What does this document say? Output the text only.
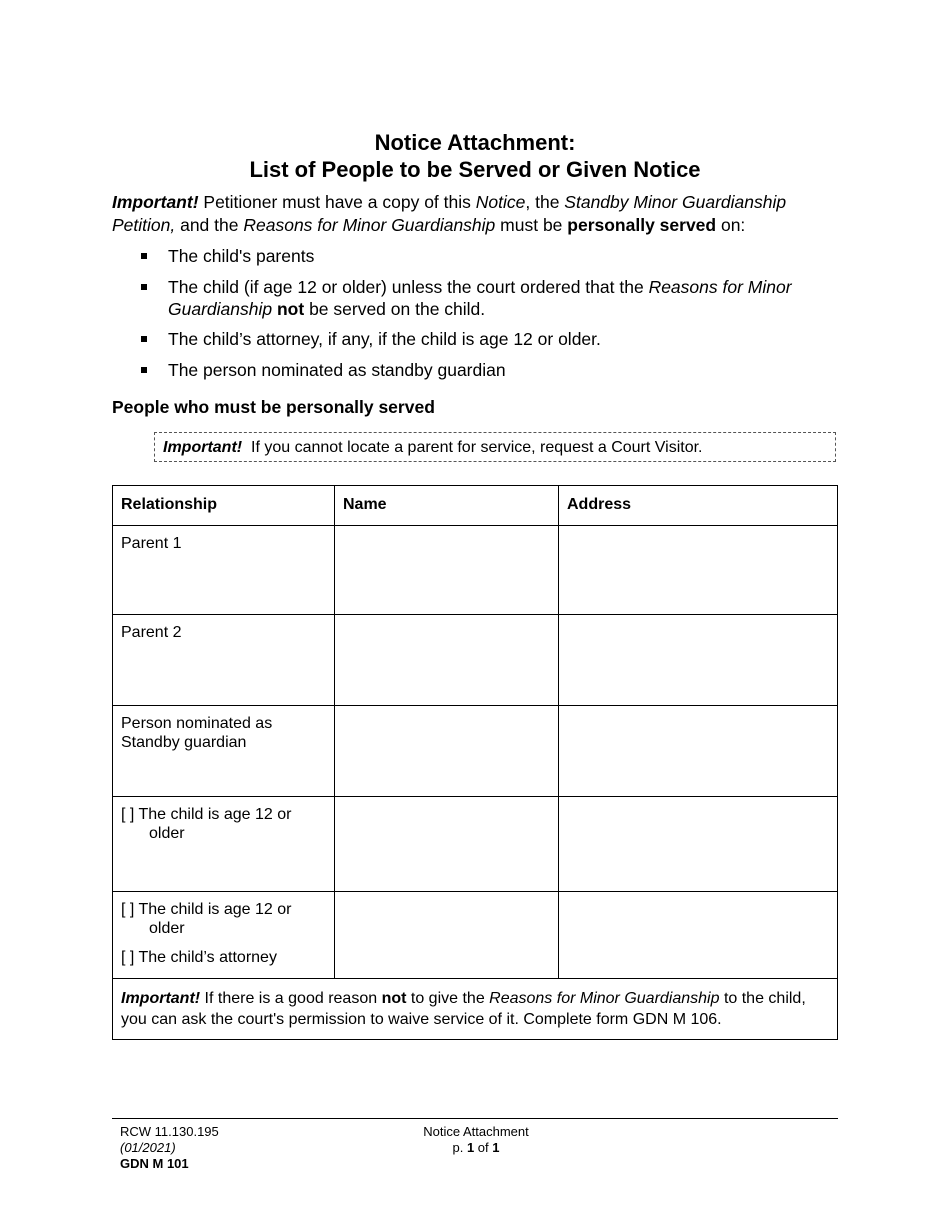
Notice Attachment:
List of People to be Served or Given Notice
Important! Petitioner must have a copy of this Notice, the Standby Minor Guardianship Petition, and the Reasons for Minor Guardianship must be personally served on:
The child's parents
The child (if age 12 or older) unless the court ordered that the Reasons for Minor Guardianship not be served on the child.
The child’s attorney, if any, if the child is age 12 or older.
The person nominated as standby guardian
People who must be personally served
Important!  If you cannot locate a parent for service, request a Court Visitor.
Relationship	Name	Address
Parent 1		
Parent 2		
Person nominated as Standby guardian		

[ ] The child is age 12 or older		

[ ] The child is age 12 or older
[ ] The child’s attorney		

Important! If there is a good reason not to give the Reasons for Minor Guardianship to the child, you can ask the court's permission to waive service of it. Complete form GDN M 106.		
RCW 11.130.195
(01/2021)
GDN M 101
Notice Attachment
p. 1 of 1
